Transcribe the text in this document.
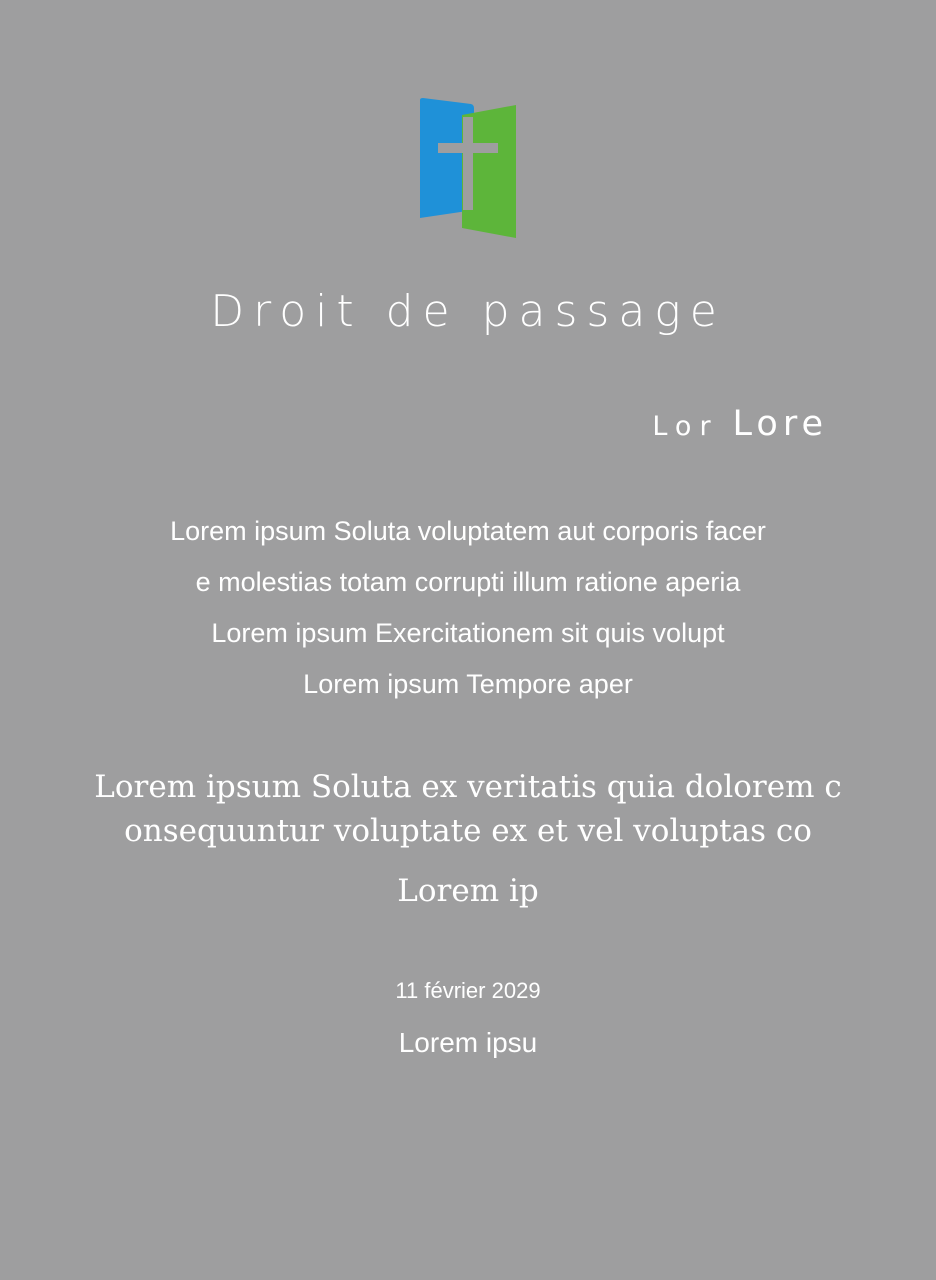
Droit de passage
Lor Lore
Lorem ipsum Soluta voluptatem aut corporis facer
e molestias totam corrupti illum ratione aperia
Lorem ipsum Exercitationem sit quis volupt
Lorem ipsum Tempore aper
Lorem ipsum Soluta ex veritatis quia dolorem c
onsequuntur voluptate ex et vel voluptas co
Lorem ip
11 février 2029
Lorem ipsu
